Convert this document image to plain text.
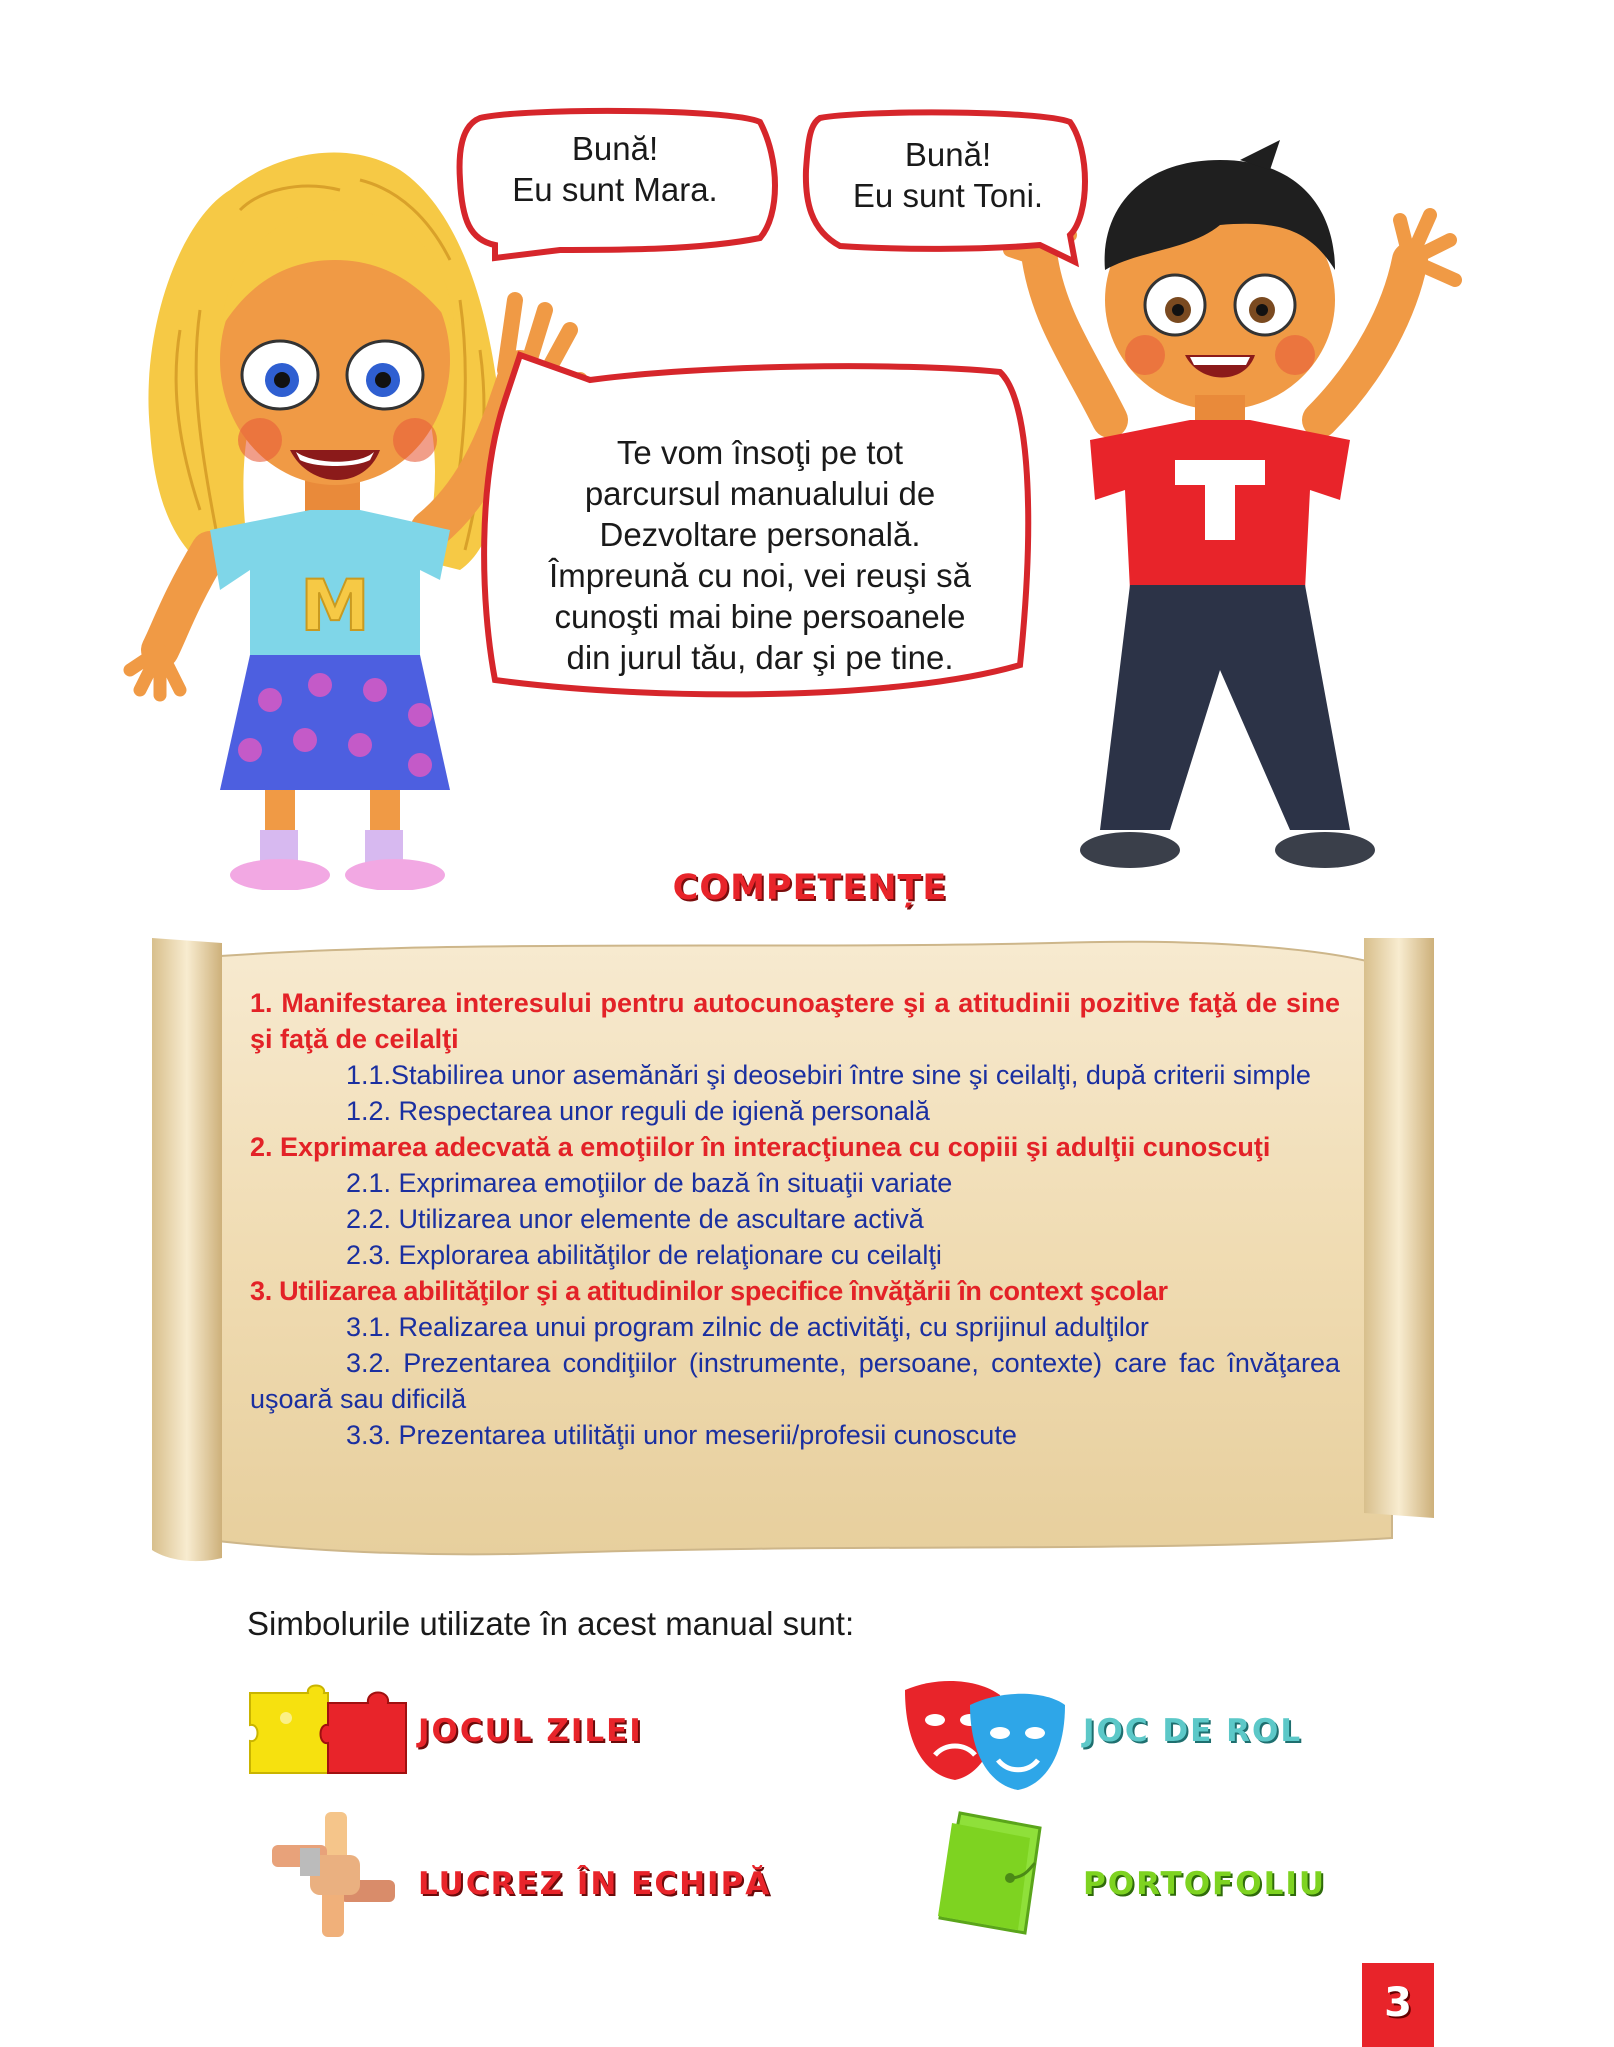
M
Bună!
Eu sunt Mara.
Bună!
Eu sunt Toni.
Te vom însoţi pe tot
parcursul manualului de
Dezvoltare personală.
Împreună cu noi, vei reuşi să
cunoşti mai bine persoanele
din jurul tău, dar şi pe tine.
COMPETENȚE
1. Manifestarea interesului pentru autocunoaştere şi a atitudinii pozitive faţă de sine şi faţă de ceilalţi
1.1.Stabilirea unor asemănări şi deosebiri între sine şi ceilalţi, după criterii simple
1.2. Respectarea unor reguli de igienă personală
2. Exprimarea adecvată a emoţiilor în interacţiunea cu copiii şi adulţii cunoscuţi
2.1. Exprimarea emoţiilor de bază în situaţii variate
2.2. Utilizarea unor elemente de ascultare activă
2.3. Explorarea abilităţilor de relaţionare cu ceilalţi
3. Utilizarea abilităţilor şi a atitudinilor specifice învăţării în context şcolar
3.1. Realizarea unui program zilnic de activităţi, cu sprijinul adulţilor
3.2. Prezentarea condiţiilor (instrumente, persoane, contexte) care fac învăţarea uşoară sau dificilă
3.3. Prezentarea utilităţii unor meserii/profesii cunoscute
Simbolurile utilizate în acest manual sunt:
JOCUL ZILEI	JOC DE ROL
LUCREZ ÎN ECHIPĂ	PORTOFOLIU
3
